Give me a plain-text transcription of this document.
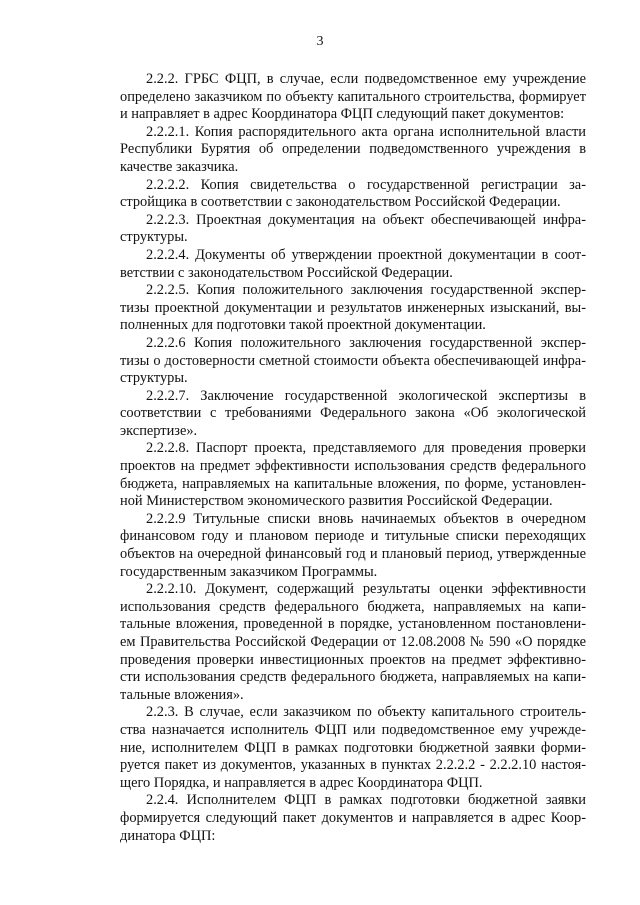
3

2.2.2. ГРБС ФЦП, в случае, если подведомственное ему учреждение определено заказчиком по объекту капитального строительства, формирует и направляет в адрес Координатора ФЦП следующий пакет документов:

2.2.2.1. Копия распорядительного акта органа исполнительной власти Республики Бурятия об определении подведомственного учреждения в качестве заказчика.

2.2.2.2. Копия свидетельства о государственной регистрации застройщика в соответствии с законодательством Российской Федерации.

2.2.2.3. Проектная документация на объект обеспечивающей инфраструктуры.

2.2.2.4. Документы об утверждении проектной документации в соответствии с законодательством Российской Федерации.

2.2.2.5. Копия положительного заключения государственной экспертизы проектной документации и результатов инженерных изысканий, выполненных для подготовки такой проектной документации.

2.2.2.6 Копия положительного заключения государственной экспертизы о достоверности сметной стоимости объекта обеспечивающей инфраструктуры.

2.2.2.7. Заключение государственной экологической экспертизы в соответствии с требованиями Федерального закона «Об экологической экспертизе».

2.2.2.8. Паспорт проекта, представляемого для проведения проверки проектов на предмет эффективности использования средств федерального бюджета, направляемых на капитальные вложения, по форме, установленной Министерством экономического развития Российской Федерации.

2.2.2.9 Титульные списки вновь начинаемых объектов в очередном финансовом году и плановом периоде и титульные списки переходящих объектов на очередной финансовый год и плановый период, утвержденные государственным заказчиком Программы.

2.2.2.10. Документ, содержащий результаты оценки эффективности использования средств федерального бюджета, направляемых на капитальные вложения, проведенной в порядке, установленном постановлением Правительства Российской Федерации от 12.08.2008 № 590 «О порядке проведения проверки инвестиционных проектов на предмет эффективности использования средств федерального бюджета, направляемых на капитальные вложения».

2.2.3. В случае, если заказчиком по объекту капитального строительства назначается исполнитель ФЦП или подведомственное ему учреждение, исполнителем ФЦП в рамках подготовки бюджетной заявки формируется пакет из документов, указанных в пунктах 2.2.2.2 - 2.2.2.10 настоящего Порядка, и направляется в адрес Координатора ФЦП.

2.2.4. Исполнителем ФЦП в рамках подготовки бюджетной заявки формируется следующий пакет документов и направляется в адрес Координатора ФЦП:
